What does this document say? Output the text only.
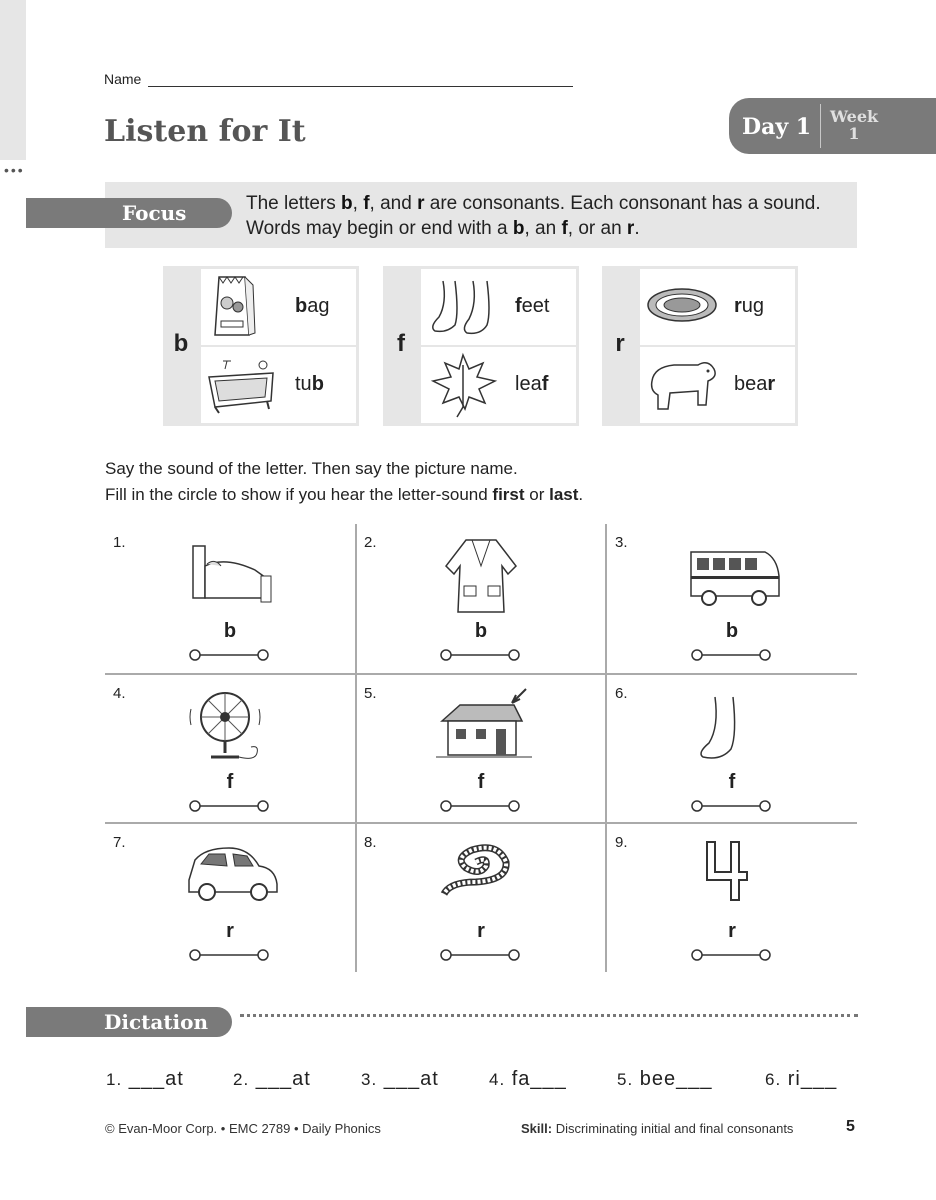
•••
Name
Listen for It	Day 1 Week
1
Focus	The letters b, f, and r are consonants. Each consonant has a sound. Words may begin or end with a b, an f, or an r.
b
bag
tub
f
feet
leaf
r
rug
bear
Say the sound of the letter. Then say the picture name.
Fill in the circle to show if you hear the letter-sound first or last.
1.
b
2.
b
3.
b
4.
f
5.
f
6.
f
7.
r
8.
r
9.
r
Dictation
1. ___at	2. ___at	3. ___at	4. fa___	5. bee___	6. ri___
© Evan-Moor Corp. • EMC 2789 • Daily Phonics	Skill: Discriminating initial and final consonants	5
